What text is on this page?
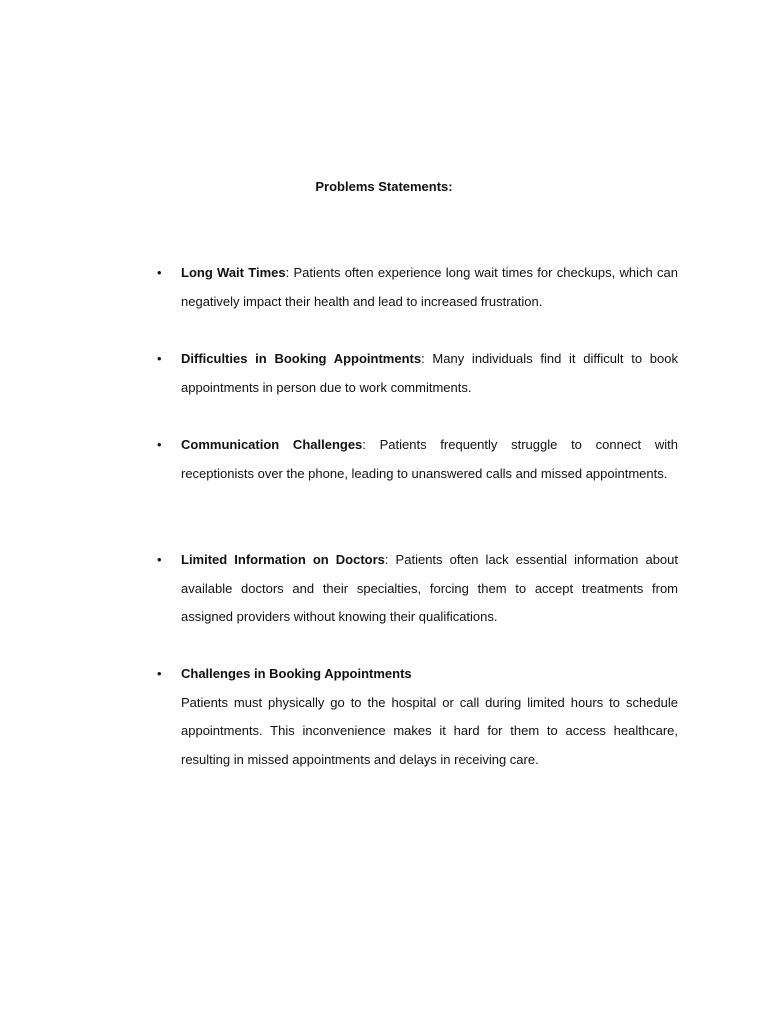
Problems Statements:
• Long Wait Times: Patients often experience long wait times for checkups, which can negatively impact their health and lead to increased frustration.

• Difficulties in Booking Appointments: Many individuals find it difficult to book appointments in person due to work commitments.

• Communication Challenges: Patients frequently struggle to connect with receptionists over the phone, leading to unanswered calls and missed appointments.

• Limited Information on Doctors: Patients often lack essential information about available doctors and their specialties, forcing them to accept treatments from assigned providers without knowing their qualifications.

• Challenges in Booking Appointments

Patients must physically go to the hospital or call during limited hours to schedule appointments. This inconvenience makes it hard for them to access healthcare, resulting in missed appointments and delays in receiving care.
